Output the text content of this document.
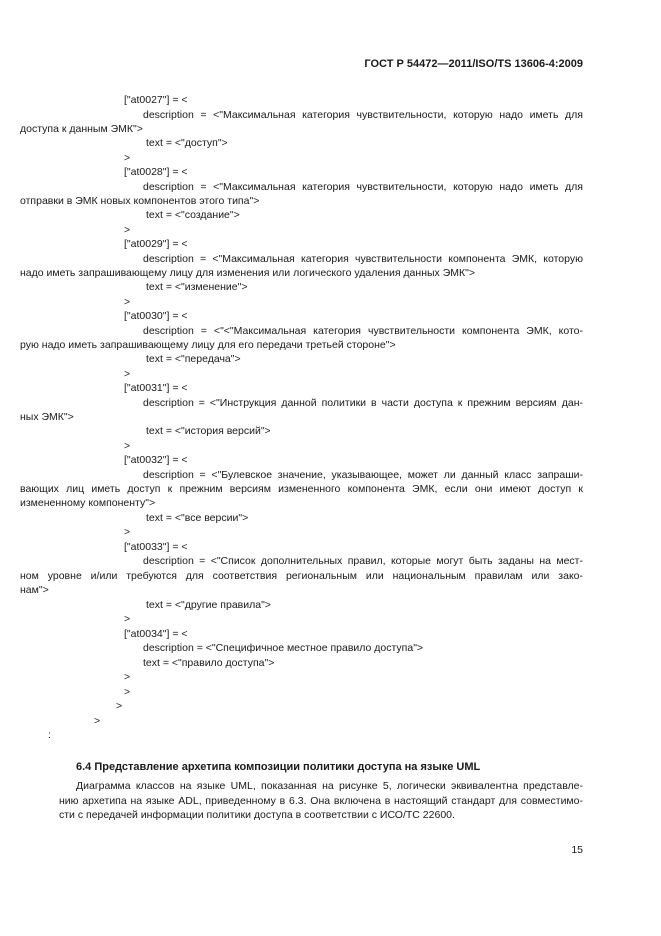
ГОСТ Р 54472—2011/ISO/TS 13606-4:2009
["at0027"] = <
description = <"Максимальная категория чувствительности, которую надо иметь для
доступа к данным ЭМК">
text = <"доступ">
>
["at0028"] = <
description = <"Максимальная категория чувствительности, которую надо иметь для
отправки в ЭМК новых компонентов этого типа">
text = <"создание">
>
["at0029"] = <
description = <"Максимальная категория чувствительности компонента ЭМК, которую
надо иметь запрашивающему лицу для изменения или логического удаления данных ЭМК">
text = <"изменение">
>
["at0030"] = <
description = <"<"Максимальная категория чувствительности компонента ЭМК, кото-
рую надо иметь запрашивающему лицу для его передачи третьей стороне">
text = <"передача">
>
["at0031"] = <
description = <"Инструкция данной политики в части доступа к прежним версиям дан-
ных ЭМК">
text = <"история версий">
>
["at0032"] = <
description = <"Булевское значение, указывающее, может ли данный класс запраши-
вающих лиц иметь доступ к прежним версиям измененного компонента ЭМК, если они имеют доступ к
измененному компоненту">
text = <"все версии">
>
["at0033"] = <
description = <"Список дополнительных правил, которые могут быть заданы на мест-
ном уровне и/или требуются для соответствия региональным или национальным правилам или зако-
нам">
text = <"другие правила">
>
["at0034"] = <
description = <"Специфичное местное правило доступа">
text = <"правило доступа">
>
>
>
>
:
6.4 Представление архетипа композиции политики доступа на языке UML
Диаграмма классов на языке UML, показанная на рисунке 5, логически эквивалентна представле-
нию архетипа на языке ADL, приведенному в 6.3. Она включена в настоящий стандарт для совместимо-
сти с передачей информации политики доступа в соответствии с ИСО/ТС 22600.
15
